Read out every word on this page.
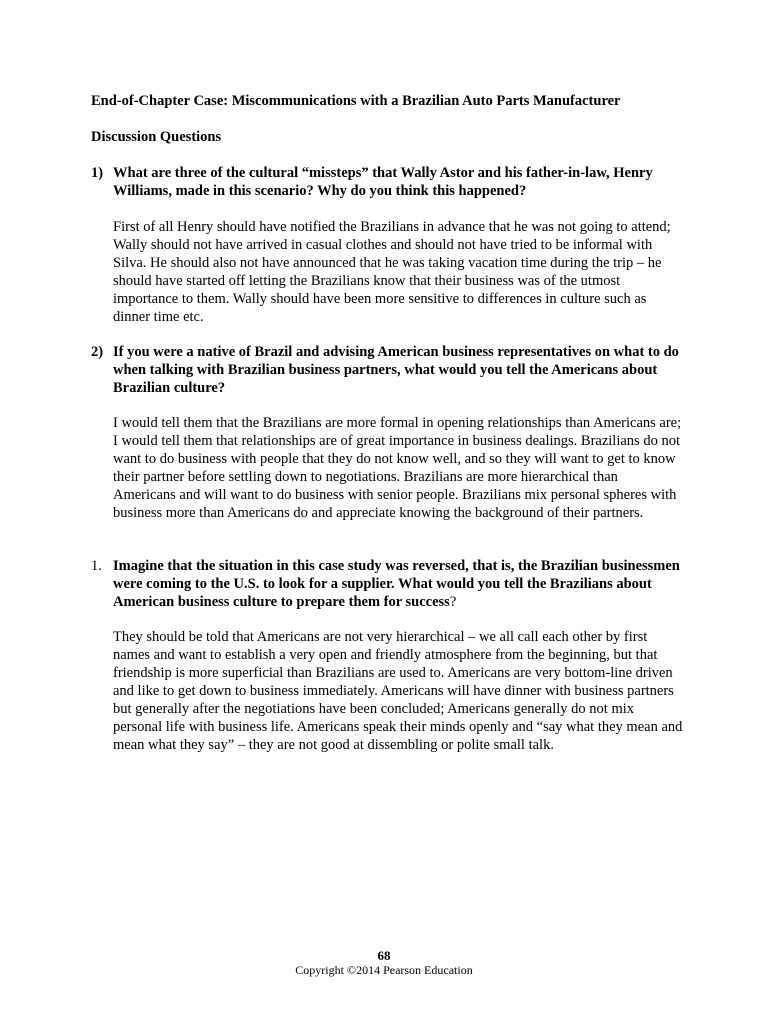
End-of-Chapter Case: Miscommunications with a Brazilian Auto Parts Manufacturer
Discussion Questions
1) What are three of the cultural “missteps” that Wally Astor and his father-in-law, Henry Williams, made in this scenario? Why do you think this happened?
First of all Henry should have notified the Brazilians in advance that he was not going to attend; Wally should not have arrived in casual clothes and should not have tried to be informal with Silva. He should also not have announced that he was taking vacation time during the trip – he should have started off letting the Brazilians know that their business was of the utmost importance to them. Wally should have been more sensitive to differences in culture such as dinner time etc.
2) If you were a native of Brazil and advising American business representatives on what to do when talking with Brazilian business partners, what would you tell the Americans about Brazilian culture?
I would tell them that the Brazilians are more formal in opening relationships than Americans are; I would tell them that relationships are of great importance in business dealings. Brazilians do not want to do business with people that they do not know well, and so they will want to get to know their partner before settling down to negotiations. Brazilians are more hierarchical than Americans and will want to do business with senior people. Brazilians mix personal spheres with business more than Americans do and appreciate knowing the background of their partners.
1. Imagine that the situation in this case study was reversed, that is, the Brazilian businessmen were coming to the U.S. to look for a supplier. What would you tell the Brazilians about American business culture to prepare them for success?
They should be told that Americans are not very hierarchical – we all call each other by first names and want to establish a very open and friendly atmosphere from the beginning, but that friendship is more superficial than Brazilians are used to. Americans are very bottom-line driven and like to get down to business immediately. Americans will have dinner with business partners but generally after the negotiations have been concluded; Americans generally do not mix personal life with business life. Americans speak their minds openly and “say what they mean and mean what they say” – they are not good at dissembling or polite small talk.
68
Copyright ©2014 Pearson Education
